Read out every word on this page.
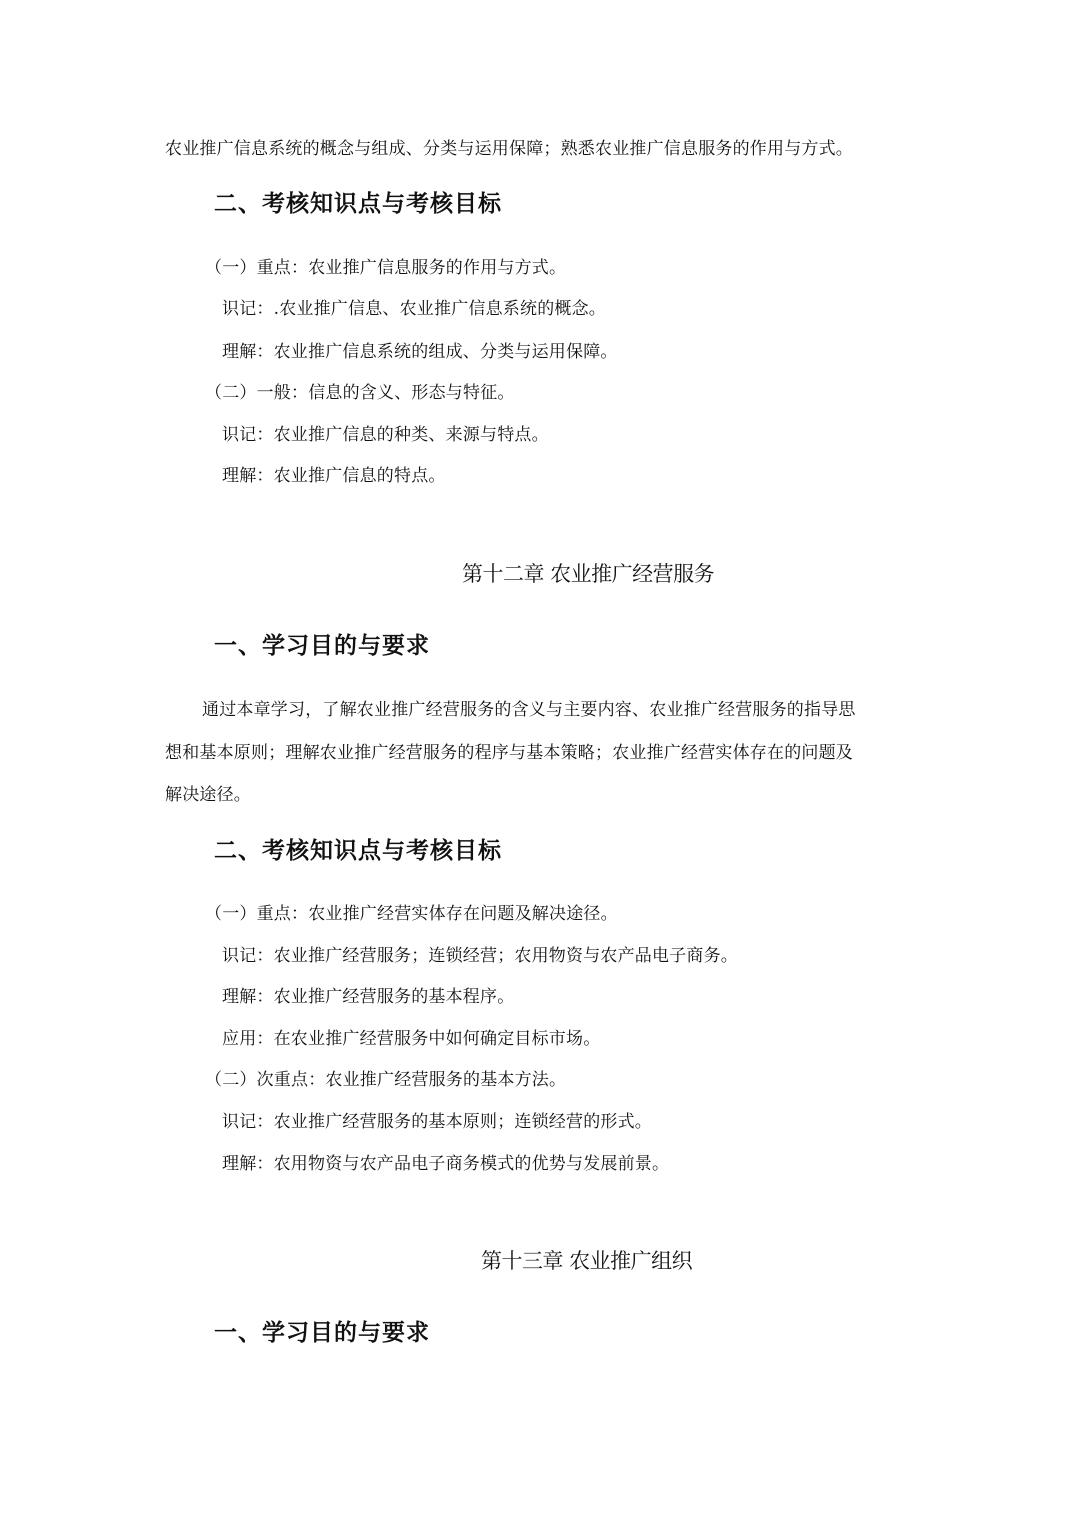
农业推广信息系统的概念与组成、分类与运用保障；熟悉农业推广信息服务的作用与方式。
二、考核知识点与考核目标
（一）重点：农业推广信息服务的作用与方式。
识记：.农业推广信息、农业推广信息系统的概念。
理解：农业推广信息系统的组成、分类与运用保障。
（二）一般：信息的含义、形态与特征。
识记：农业推广信息的种类、来源与特点。
理解：农业推广信息的特点。
第十二章 农业推广经营服务
一、学习目的与要求
通过本章学习，了解农业推广经营服务的含义与主要内容、农业推广经营服务的指导思
想和基本原则；理解农业推广经营服务的程序与基本策略；农业推广经营实体存在的问题及
解决途径。
二、考核知识点与考核目标
（一）重点：农业推广经营实体存在问题及解决途径。
识记：农业推广经营服务；连锁经营；农用物资与农产品电子商务。
理解：农业推广经营服务的基本程序。
应用：在农业推广经营服务中如何确定目标市场。
（二）次重点：农业推广经营服务的基本方法。
识记：农业推广经营服务的基本原则；连锁经营的形式。
理解：农用物资与农产品电子商务模式的优势与发展前景。
第十三章 农业推广组织
一、学习目的与要求
